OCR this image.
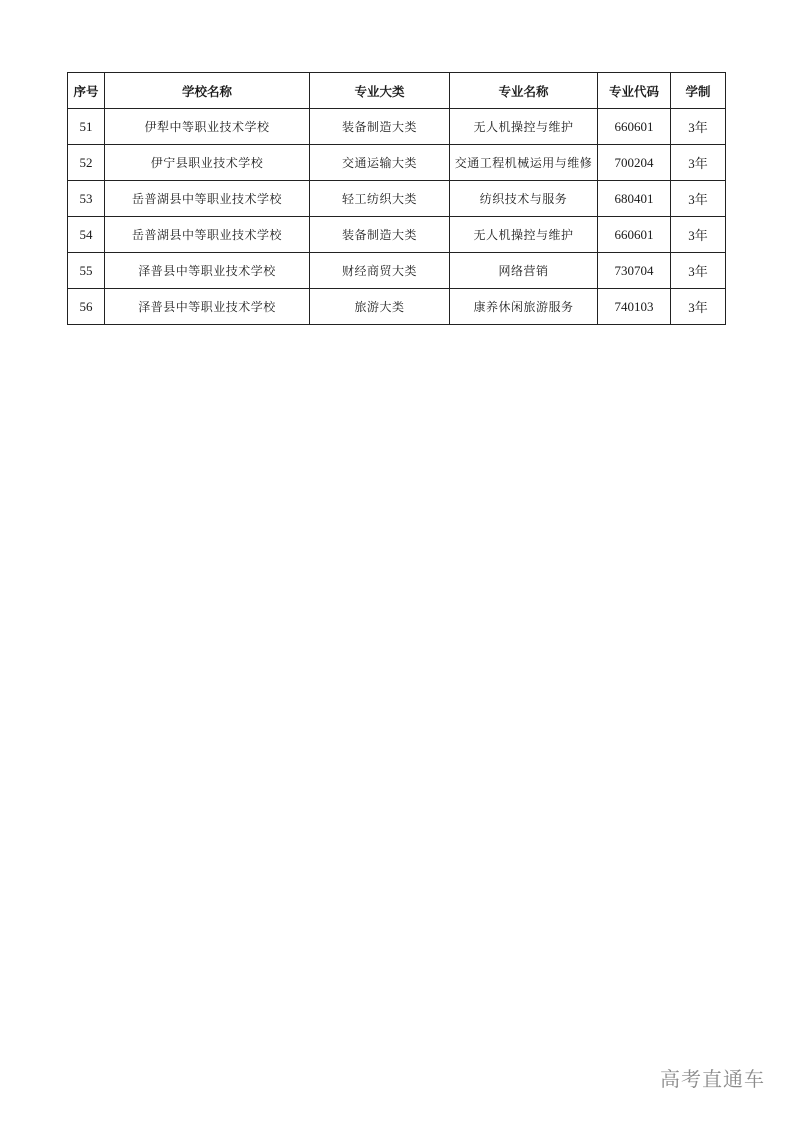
序号	学校名称	专业大类	专业名称	专业代码	学制
51	伊犁中等职业技术学校	装备制造大类	无人机操控与维护	660601	3年
52	伊宁县职业技术学校	交通运输大类	交通工程机械运用与维修	700204	3年
53	岳普湖县中等职业技术学校	轻工纺织大类	纺织技术与服务	680401	3年
54	岳普湖县中等职业技术学校	装备制造大类	无人机操控与维护	660601	3年
55	泽普县中等职业技术学校	财经商贸大类	网络营销	730704	3年
56	泽普县中等职业技术学校	旅游大类	康养休闲旅游服务	740103	3年
高考直通车
